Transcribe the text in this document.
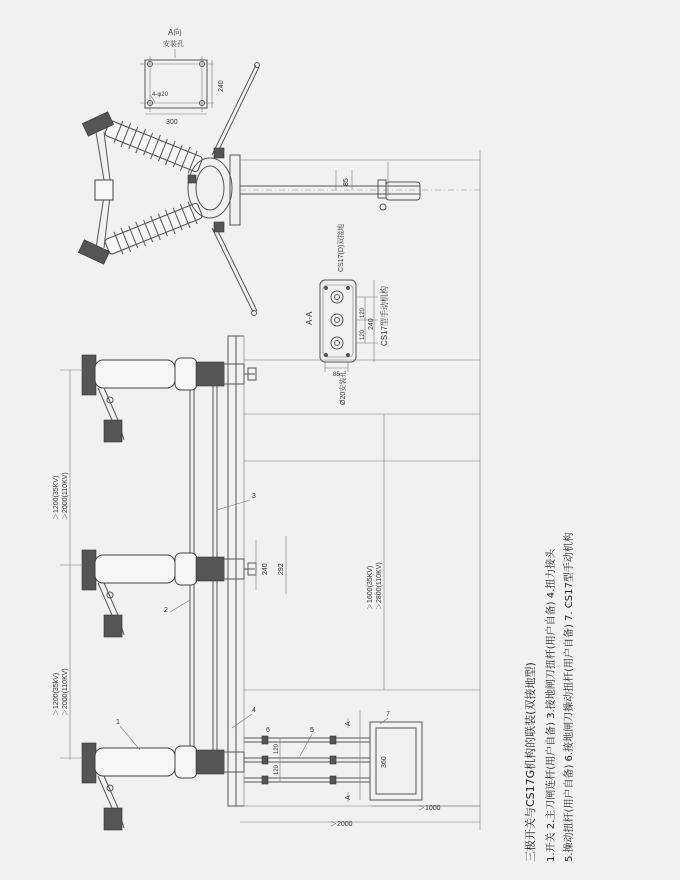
A向
安装孔
4-φ20
300
240
85
A-A
CS17(D)双接地
CS17型手动机构
Ø20安装孔
120
120
240
85
＞1200(35KV) ＞2000(110KV)
＞1200(35kV) ＞2000(110KV)
＞1600(35KV) ＞2800(110KV)
240 292
120
120
360
＞1000
＞2000
A
A
1
2
3
4
5
6
7	三极开关与CS17G机构的联装(双接地型) 1.开关 2.主刀闸连杆(用户自备) 3.接地闸刀扭杆(用户自备) 4.扭力接头 5.操动扭杆(用户自备) 6.接地闸刀操动扭杆(用户自备) 7. CS17型手动机构
